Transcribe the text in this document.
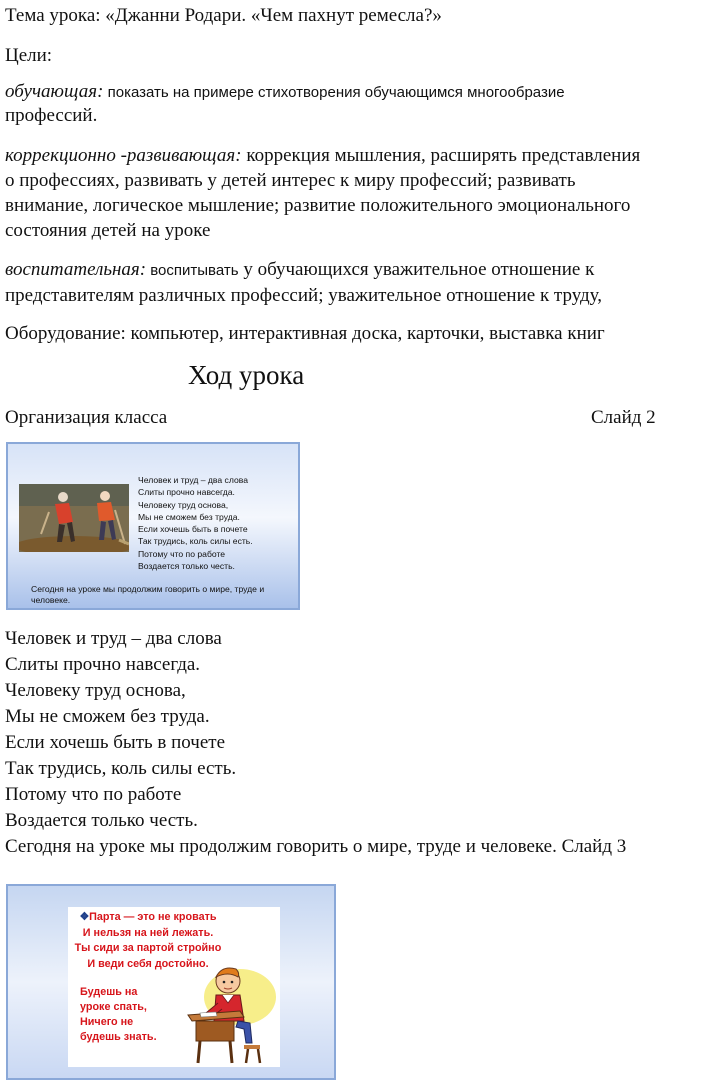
Тема урока: «Джанни Родари. «Чем пахнут ремесла?»
Цели:
обучающая: показать на примере стихотворения обучающимся многообразие
профессий.
коррекционно -развивающая: коррекция мышления, расширять представления
о профессиях, развивать у детей интерес к миру профессий; развивать
внимание, логическое мышление; развитие положительного эмоционального
состояния детей на уроке
воспитательная: воспитывать у обучающихся уважительное отношение к
представителям различных профессий; уважительное отношение к труду,
Оборудование: компьютер, интерактивная доска, карточки, выставка книг
Ход урока
Организация класса	Слайд 2
Человек и труд – два слова
Слиты прочно навсегда.
Человеку труд основа,
Мы не сможем без труда.
Если хочешь быть в почете
Так трудись, коль силы есть.
Потому что по работе
Воздается только честь.
Сегодня на уроке мы продолжим говорить о мире, труде и человеке.
Человек и труд – два слова
Слиты прочно навсегда.
Человеку труд основа,
Мы не сможем без труда.
Если хочешь быть в почете
Так трудись, коль силы есть.
Потому что по работе
Воздается только честь.
Сегодня на уроке мы продолжим говорить о мире, труде и человеке. Слайд 3
❖Парта — это не кровать
И нельзя на ней лежать.
Ты сиди за партой стройно
И веди себя достойно.
Будешь на
уроке спать,
Ничего не
будешь знать.
